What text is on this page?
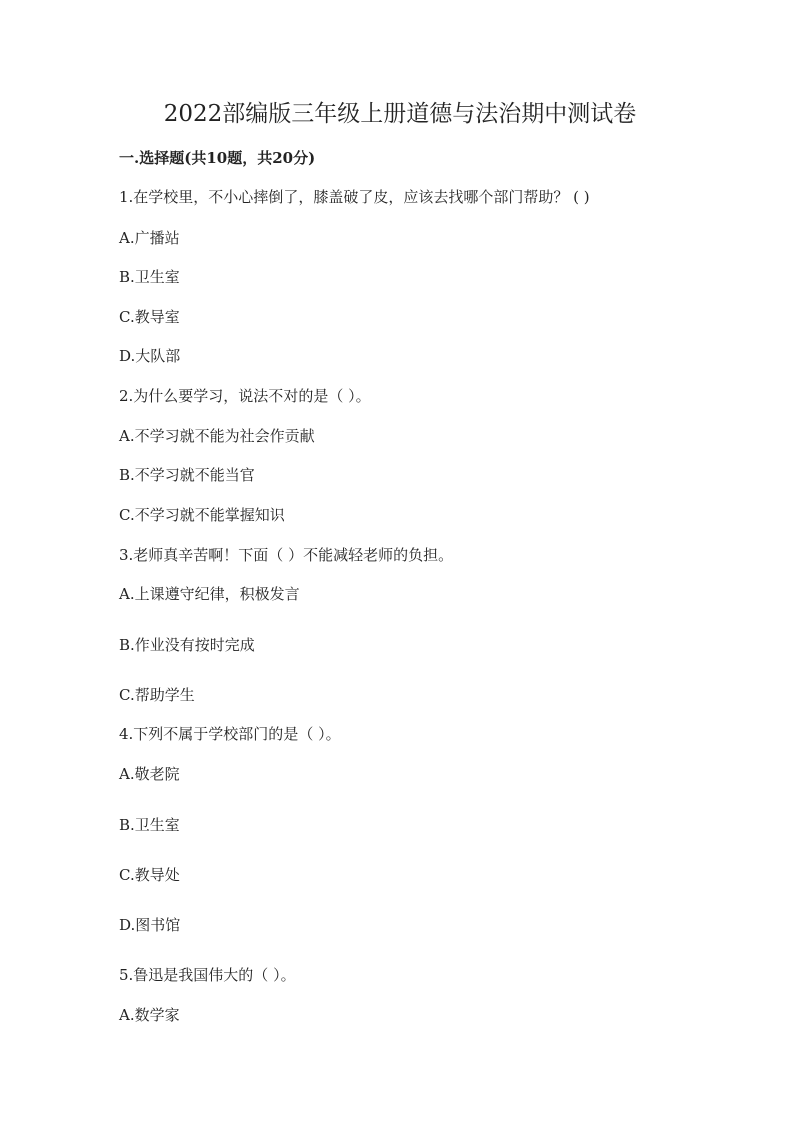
2022部编版三年级上册道德与法治期中测试卷
一.选择题(共10题，共20分)
1.在学校里，不小心摔倒了，膝盖破了皮，应该去找哪个部门帮助？ ( )
A.广播站
B.卫生室
C.教导室
D.大队部
2.为什么要学习，说法不对的是（ ）。
A.不学习就不能为社会作贡献
B.不学习就不能当官
C.不学习就不能掌握知识
3.老师真辛苦啊！下面（ ）不能减轻老师的负担。
A.上课遵守纪律，积极发言
B.作业没有按时完成
C.帮助学生
4.下列不属于学校部门的是（ ）。
A.敬老院
B.卫生室
C.教导处
D.图书馆
5.鲁迅是我国伟大的（ ）。
A.数学家
